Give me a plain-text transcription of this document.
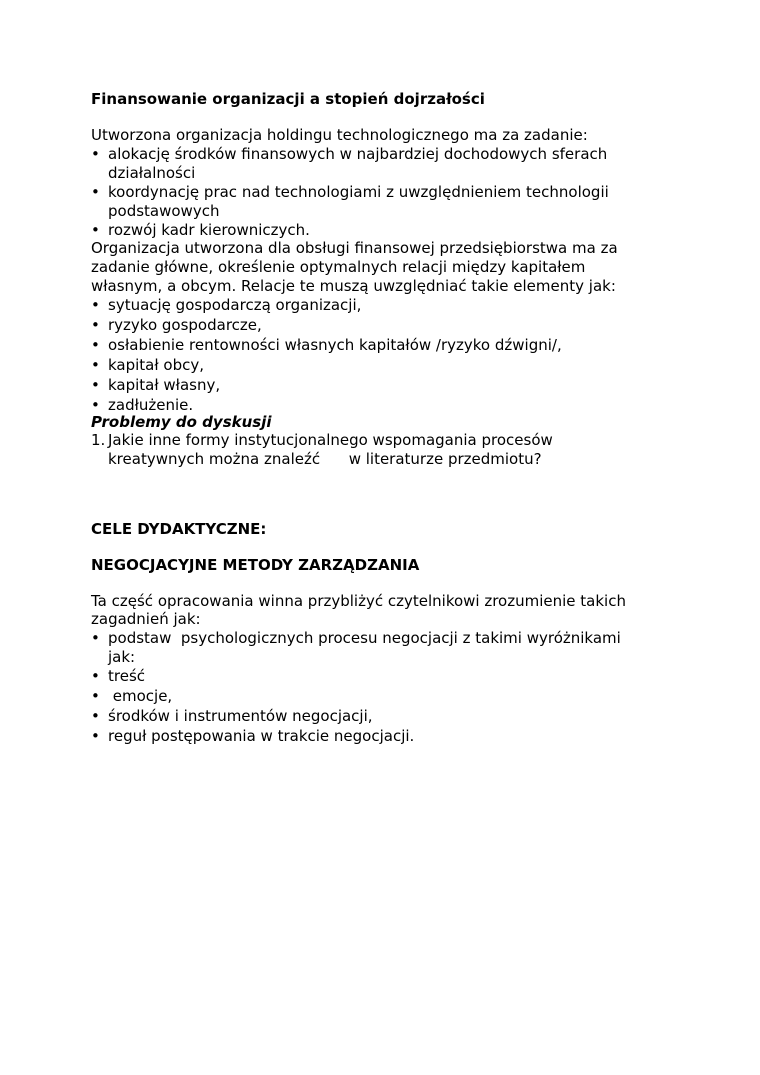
Finansowanie organizacji a stopień dojrzałości
Utworzona organizacja holdingu technologicznego ma za zadanie:
• alokację środków finansowych w najbardziej dochodowych sferach
działalności
• koordynację prac nad technologiami z uwzględnieniem technologii
podstawowych
• rozwój kadr kierowniczych.
Organizacja utworzona dla obsługi finansowej przedsiębiorstwa ma za
zadanie główne, określenie optymalnych relacji między kapitałem
własnym, a obcym. Relacje te muszą uwzględniać takie elementy jak:
• sytuację gospodarczą organizacji,
• ryzyko gospodarcze,
• osłabienie rentowności własnych kapitałów /ryzyko dźwigni/,
• kapitał obcy,
• kapitał własny,
• zadłużenie.
Problemy do dyskusji
1. Jakie inne formy instytucjonalnego wspomagania procesów
kreatywnych można znaleźć      w literaturze przedmiotu?
CELE DYDAKTYCZNE:
NEGOCJACYJNE METODY ZARZĄDZANIA
Ta część opracowania winna przybliżyć czytelnikowi zrozumienie takich
zagadnień jak:
• podstaw  psychologicznych procesu negocjacji z takimi wyróżnikami
jak:
• treść
• emocje,
• środków i instrumentów negocjacji,
• reguł postępowania w trakcie negocjacji.
